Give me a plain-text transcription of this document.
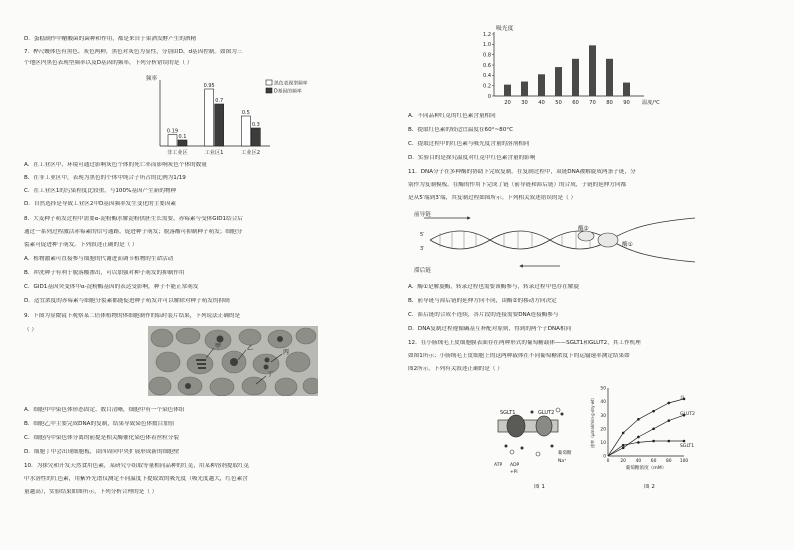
D．蛋糕制作中醋酸菌的菌种和作用，都是来自于果酒发酵产生的酒精
7．桦尺蠖体色有黑色、灰色两种，黑色对灰色为显性，分别由D、d基因控制。如图为三
个地区内黑色表现型频率以及D基因的频率，下列分析错误的是（ ）
频率
0.19
0.1
非工业区
0.95
0.7
工业区1
0.5
0.3
工业区2
黑色表现型频率
D基因的频率
A．在工业区中，环境可通过影响灰色个体的死亡率而影响灰色个体的数量
B．在非工业区中，表现为黑色的个体中纯合子所占的比例为1/19
C．在工业区1的污染程度比较重，与100%基因产生新的物种
D．自然选择是导致工业区2中D基因频率发生变化的主要因素
8．大麦种子萌发过程中需要α-淀粉酶水解淀粉供胚生长需要，赤霉素与受体GID1结合后
通过一系列过程激活赤霉素的信号通路，促进种子萌发；脱落酸可抑制种子萌发；细胞分
裂素可促进种子萌发。下列叙述正确的是（ ）
A．植物激素可直接参与细胞的代谢进而调节植物的生命活动
B．冲洗种子有利于脱落酸渗出，可以加强对种子萌发的抑制作用
C．GID1基因突变体中α-淀粉酶基因的表达受影响，种子不能正常萌发
D．适宜浓度的赤霉素与细胞分裂素都能促进种子萌发并可以解除对种子萌发的抑制
9．下图为显微镜下观察某二倍体植物的体细胞制作的临时装片结果，下列说法正确的是
（ ）
甲	乙
丙
丁
A．细胞甲中染色体形态固定、数目清晰，细胞中有一个染色体组
B．细胞乙中主要完成DNA的复制，结果导致染色体数目加倍
C．细胞丙中染色体分离的前提是相关酶催化染色体着丝粒分裂
D．细胞丁中会出现细胞板，由四周向中央扩展形成新的细胞壁
10．为探究和开发天然食用色素，某研究小组取等量相同品种的红苋，用某种溶剂提取红苋
中水溶性的红色素，用紫外光谱仪测定不同温度下提取效的吸光度（吸光度越大，红色素含
量越高），实验结果如图所示。下列分析合理的是（ ）
吸光度
0
0.2
0.4
0.6
0.8
1.0
1.2
20 30 40 50 60 70 80 90 温度/℃
A．不同品种红苋的红色素含量相同
B．提取红色素的较适宜温度在60°~80°C
C．提取过程中的红色素与吸光度含量的溶剂相同
D．实验目的是探究温度对红苋中红色素含量的影响
11．DNA分子在多种酶的协助下完成复制。在复制过程中，双链DNA被解旋成两条子链，分
别作为复制模板。在酶的作用下完成了链（前导链和滞后链）的合成，子链的延伸方向都
是从5′端到3′端，其复制过程如图所示。下列相关叙述错误的是（ ）
前导链
滞后链
酶①
酶②
5′
3′
A．酶①是解旋酶，转录过程也需要该酶参与，转录过程中也存在解旋
B．前导链与滞后链的延伸方向不同，由酶②的移动方向决定
C．滞后链的合成不连续，各片段的连接需要DNA连接酶参与
D．DNA复制过程遵循碱基互补配对原则，得到的两个子DNA相同
12．在小肠绒毛上皮细胞膜表面存在两种形式的葡萄糖载体——SGLT1和GLUT2，其工作机理
如图1所示；小肠绒毛上皮细胞上的这两种载体在不同葡萄糖浓度下的运输速率测定结果如
图2所示。下列有关叙述正确的是（ ）
SGLT1	GLUT2
葡萄糖
Na⁺
ATP ADP
+Pi
图 1
速率（μmol/min·g·dry·wt）
0
10
20
30
40
50
0	20 40 60 80 100
葡萄糖浓度（mM）
总
GLUT2
SGLT1
图 2
